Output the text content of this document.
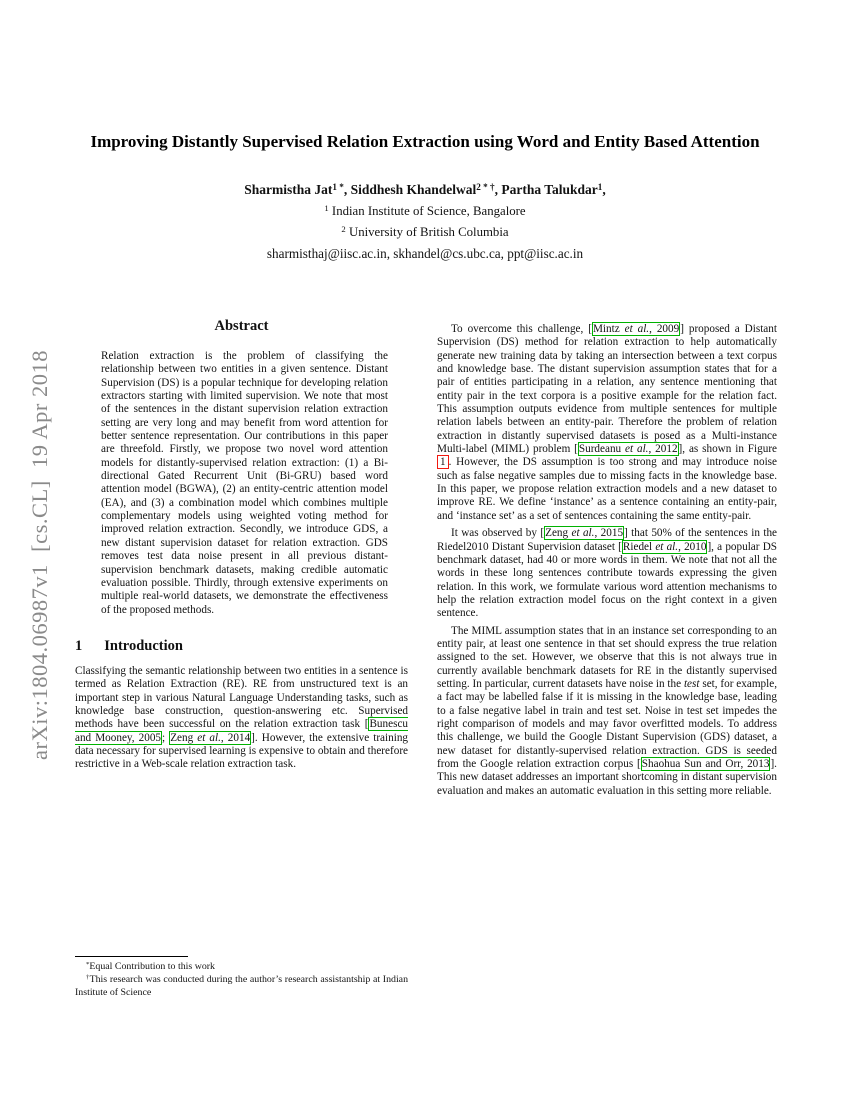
arXiv:1804.06987v1  [cs.CL]  19 Apr 2018
Improving Distantly Supervised Relation Extraction using Word and Entity Based Attention
Sharmistha Jat$^{1 *}$, Siddhesh Khandelwal$^{2 * \dagger}$, Partha Talukdar$^1$,
$^1$ Indian Institute of Science, Bangalore
$^2$ University of British Columbia
sharmisthaj@iisc.ac.in, skhandel@cs.ubc.ca, ppt@iisc.ac.in
Abstract

Relation extraction is the problem of classifying the relationship between two entities in a given sentence. Distant Supervision (DS) is a popular technique for developing relation extractors starting with limited supervision. We note that most of the sentences in the distant supervision relation extraction setting are very long and may benefit from word attention for better sentence representation. Our contributions in this paper are threefold. Firstly, we propose two novel word attention models for distantly-supervised relation extraction: (1) a Bi-directional Gated Recurrent Unit (Bi-GRU) based word attention model (BGWA), (2) an entity-centric attention model (EA), and (3) a combination model which combines multiple complementary models using weighted voting method for improved relation extraction. Secondly, we introduce GDS, a new distant supervision dataset for relation extraction. GDS removes test data noise present in all previous distant-supervision benchmark datasets, making credible automatic evaluation possible. Thirdly, through extensive experiments on multiple real-world datasets, we demonstrate the effectiveness of the proposed methods.

1 Introduction

Classifying the semantic relationship between two entities in a sentence is termed as Relation Extraction (RE). RE from unstructured text is an important step in various Natural Language Understanding tasks, such as knowledge base construction, question-answering etc. Supervised methods have been successful on the relation extraction task [Bunescu and Mooney, 2005; Zeng et al., 2014]. However, the extensive training data necessary for supervised learning is expensive to obtain and therefore restrictive in a Web-scale relation extraction task.

*Equal Contribution to this work

†This research was conducted during the author’s research assistantship at Indian Institute of Science

To overcome this challenge, [Mintz et al., 2009] proposed a Distant Supervision (DS) method for relation extraction to help automatically generate new training data by taking an intersection between a text corpus and knowledge base. The distant supervision assumption states that for a pair of entities participating in a relation, any sentence mentioning that entity pair in the text corpora is a positive example for the relation fact. This assumption outputs evidence from multiple sentences for multiple relation labels between an entity-pair. Therefore the problem of relation extraction in distantly supervised datasets is posed as a Multi-instance Multi-label (MIML) problem [Surdeanu et al., 2012], as shown in Figure 1 . However, the DS assumption is too strong and may introduce noise such as false negative samples due to missing facts in the knowledge base. In this paper, we propose relation extraction models and a new dataset to improve RE. We define ‘instance’ as a sentence containing an entity-pair, and ‘instance set’ as a set of sentences containing the same entity-pair.

It was observed by [Zeng et al., 2015] that 50% of the sentences in the Riedel2010 Distant Supervision dataset [Riedel et al., 2010], a popular DS benchmark dataset, had 40 or more words in them. We note that not all the words in these long sentences contribute towards expressing the given relation. In this work, we formulate various word attention mechanisms to help the relation extraction model focus on the right context in a given sentence.

The MIML assumption states that in an instance set corresponding to an entity pair, at least one sentence in that set should express the true relation assigned to the set. However, we observe that this is not always true in currently available benchmark datasets for RE in the distantly supervised setting. In particular, current datasets have noise in the test set, for example, a fact may be labelled false if it is missing in the knowledge base, leading to a false negative label in train and test set. Noise in test set impedes the right comparison of models and may favor overfitted models. To address this challenge, we build the Google Distant Supervision (GDS) dataset, a new dataset for distantly-supervised relation extraction. GDS is seeded from the Google relation extraction corpus [Shaohua Sun and Orr, 2013]. This new dataset addresses an important shortcoming in distant supervision evaluation and makes an automatic evaluation in this setting more reliable.
